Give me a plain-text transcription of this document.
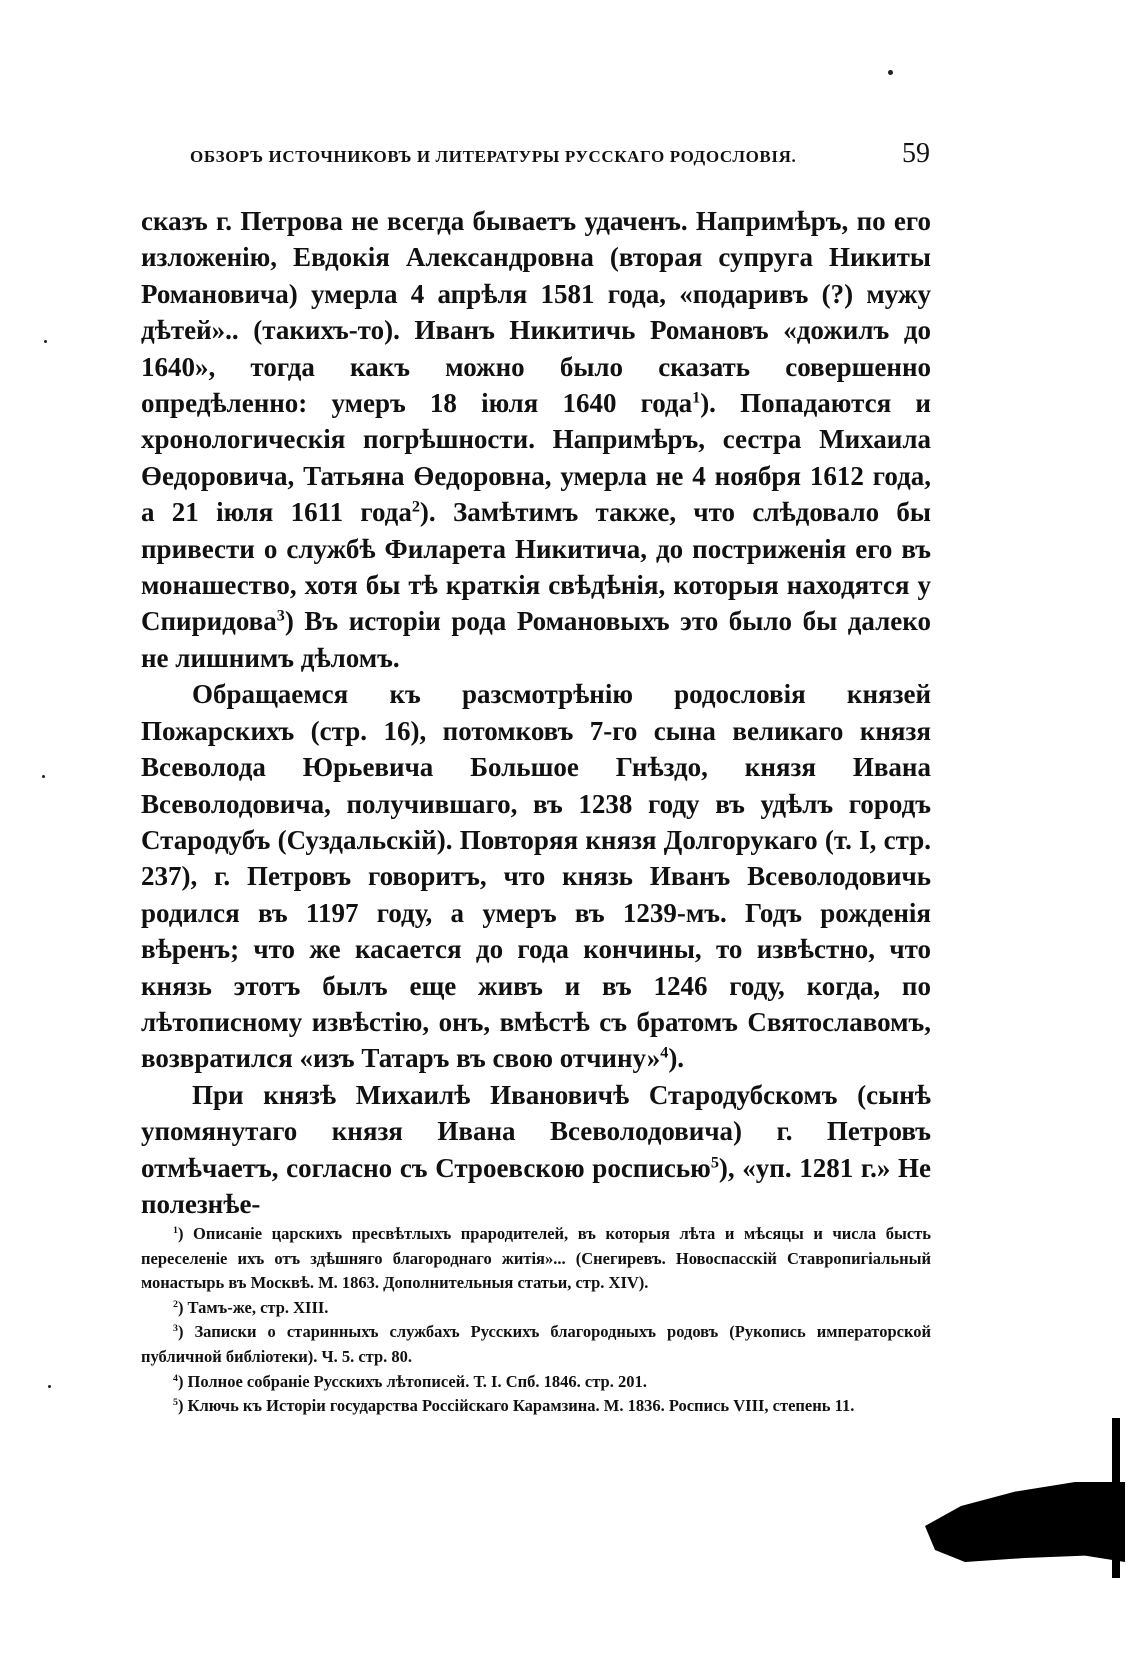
ОБЗОРЪ ИСТОЧНИКОВЪ И ЛИТЕРАТУРЫ РУССКАГО РОДОСЛОВІЯ.	59

сказъ г. Петрова не всегда бываетъ удаченъ. Напримѣръ, по его изложенію, Евдокія Александровна (вторая супруга Никиты Романовича) умерла 4 апрѣля 1581 года, «подаривъ (?) мужу дѣтей».. (такихъ-то). Иванъ Никитичь Романовъ «дожилъ до 1640», тогда какъ можно было сказать совершенно опредѣленно: умеръ 18 іюля 1640 года$^1$). Попадаются и хронологическія погрѣшности. Напримѣръ, сестра Михаила Өедоровича, Татьяна Өедоровна, умерла не 4 ноября 1612 года, а 21 іюля 1611 года$^2$). Замѣтимъ также, что слѣдовало бы привести о службѣ Филарета Никитича, до постриженія его въ монашество, хотя бы тѣ краткія свѣдѣнія, которыя находятся у Спиридова$^3$) Въ исторіи рода Романовыхъ это было бы далеко не лишнимъ дѣломъ.

Обращаемся къ разсмотрѣнію родословія князей Пожарскихъ (стр. 16), потомковъ 7-го сына великаго князя Всеволода Юрьевича Большое Гнѣздо, князя Ивана Всеволодовича, получившаго, въ 1238 году въ удѣлъ городъ Стародубъ (Суздальскій). Повторяя князя Долгорукаго (т. I, стр. 237), г. Петровъ говоритъ, что князь Иванъ Всеволодовичь родился въ 1197 году, а умеръ въ 1239-мъ. Годъ рожденія вѣренъ; что же касается до года кончины, то извѣстно, что князь этотъ былъ еще живъ и въ 1246 году, когда, по лѣтописному извѣстію, онъ, вмѣстѣ съ братомъ Святославомъ, возвратился «изъ Татаръ въ свою отчину»$^4$).

При князѣ Михаилѣ Ивановичѣ Стародубскомъ (сынѣ упомянутаго князя Ивана Всеволодовича) г. Петровъ отмѣчаетъ, согласно съ Строевскою росписью$^5$), «уп. 1281 г.» Не полезнѣе-

$^1$) Описаніе царскихъ пресвѣтлыхъ прародителей, въ которыя лѣта и мѣсяцы и числа бысть переселеніе ихъ отъ здѣшняго благороднаго житія»... (Снегиревъ. Новоспасскій Ставропигіальный монастырь въ Москвѣ. М. 1863. Дополнительныя статьи, стр. XIV).

$^2$) Тамъ-же, стр. XIII.

$^3$) Записки о старинныхъ службахъ Русскихъ благородныхъ родовъ (Рукопись императорской публичной библіотеки). Ч. 5. стр. 80.

$^4$) Полное собраніе Русскихъ лѣтописей. Т. I. Спб. 1846. стр. 201.

$^5$) Ключь къ Исторіи государства Россійскаго Карамзина. М. 1836. Роспись VIII, степень 11.
